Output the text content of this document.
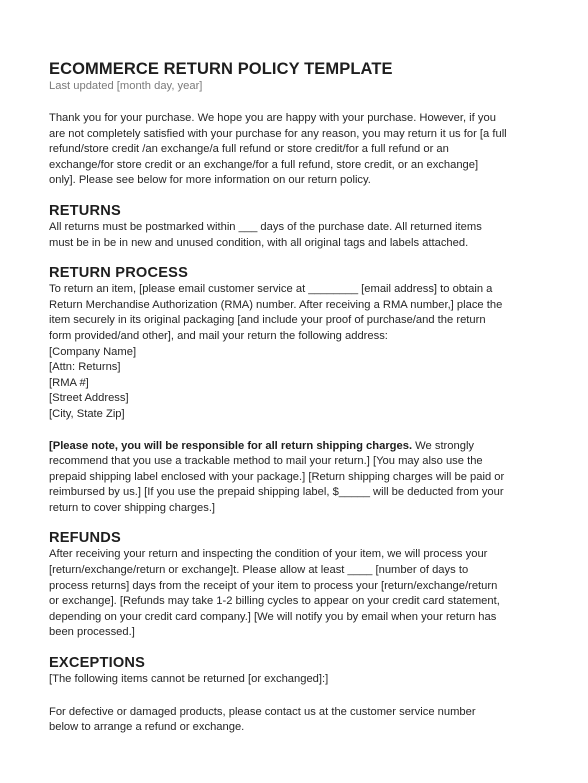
ECOMMERCE RETURN POLICY TEMPLATE

Last updated [month day, year]

Thank you for your purchase. We hope you are happy with your purchase. However, if you
are not completely satisfied with your purchase for any reason, you may return it us for [a full
refund/store credit /an exchange/a full refund or store credit/for a full refund or an
exchange/for store credit or an exchange/for a full refund, store credit, or an exchange]
only]. Please see below for more information on our return policy.
RETURNS
All returns must be postmarked within ___ days of the purchase date. All returned items
must be in be in new and unused condition, with all original tags and labels attached.
RETURN PROCESS
To return an item, [please email customer service at ________ [email address] to obtain a
Return Merchandise Authorization (RMA) number. After receiving a RMA number,] place the
item securely in its original packaging [and include your proof of purchase/and the return
form provided/and other], and mail your return the following address:
[Company Name]
[Attn: Returns]
[RMA #]
[Street Address]
[City, State Zip]
[Please note, you will be responsible for all return shipping charges. We strongly
recommend that you use a trackable method to mail your return.] [You may also use the
prepaid shipping label enclosed with your package.] [Return shipping charges will be paid or
reimbursed by us.] [If you use the prepaid shipping label, $_____ will be deducted from your
return to cover shipping charges.]
REFUNDS
After receiving your return and inspecting the condition of your item, we will process your
[return/exchange/return or exchange]t. Please allow at least ____ [number of days to
process returns] days from the receipt of your item to process your [return/exchange/return
or exchange]. [Refunds may take 1-2 billing cycles to appear on your credit card statement,
depending on your credit card company.] [We will notify you by email when your return has
been processed.]
EXCEPTIONS
[The following items cannot be returned [or exchanged]:]
For defective or damaged products, please contact us at the customer service number
below to arrange a refund or exchange.
